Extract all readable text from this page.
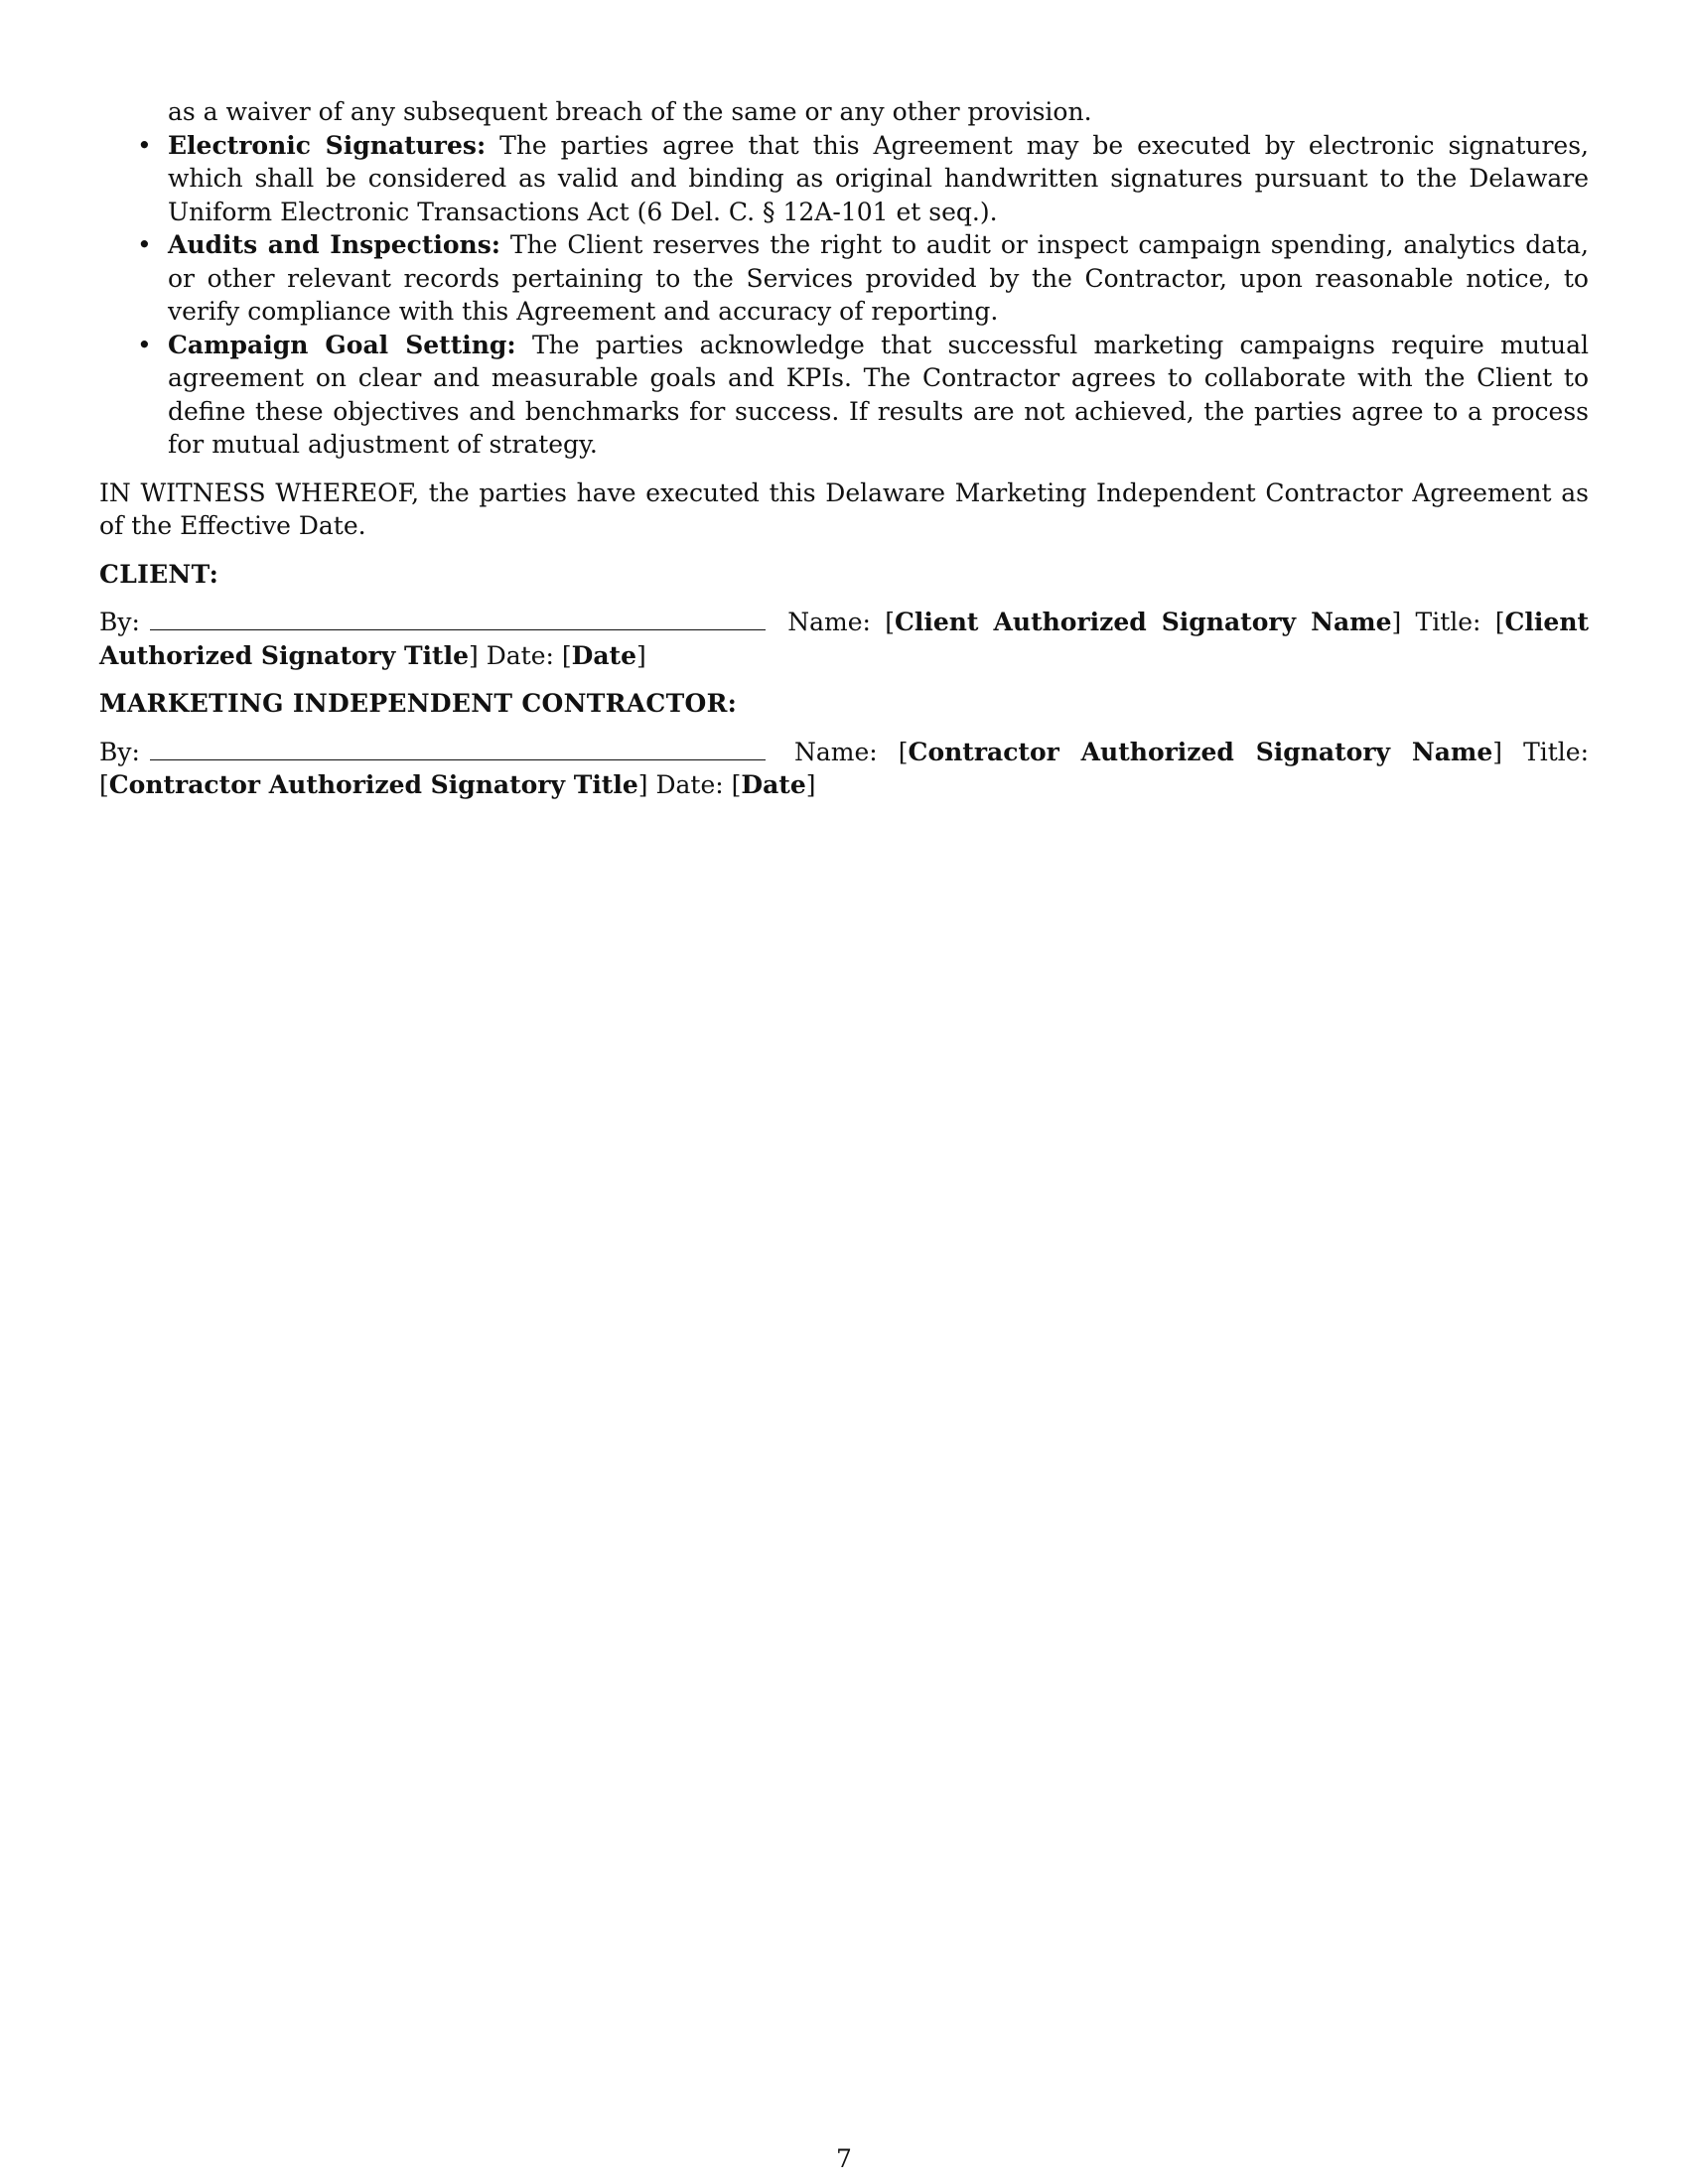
as a waiver of any subsequent breach of the same or any other provision.

• Electronic Signatures: The parties agree that this Agreement may be executed by electronic signatures, which shall be considered as valid and binding as original handwritten signatures pursuant to the Delaware Uniform Electronic Transactions Act (6 Del. C. § 12A-101 et seq.).
• Audits and Inspections: The Client reserves the right to audit or inspect campaign spending, analytics data, or other relevant records pertaining to the Services provided by the Contractor, upon reasonable notice, to verify compliance with this Agreement and accuracy of reporting.
• Campaign Goal Setting: The parties acknowledge that successful marketing campaigns require mutual agreement on clear and measurable goals and KPIs. The Contractor agrees to collaborate with the Client to define these objectives and benchmarks for success. If results are not achieved, the parties agree to a process for mutual adjustment of strategy.

IN WITNESS WHEREOF, the parties have executed this Delaware Marketing Independent Contractor Agreement as of the Effective Date.

CLIENT:

By:	Name: [Client Authorized Signatory Name] Title: [Client Authorized Signatory Title] Date: [Date]

MARKETING INDEPENDENT CONTRACTOR:

By:	Name: [Contractor Authorized Signatory Name] Title: [Contractor Authorized Signatory Title] Date: [Date]

7
